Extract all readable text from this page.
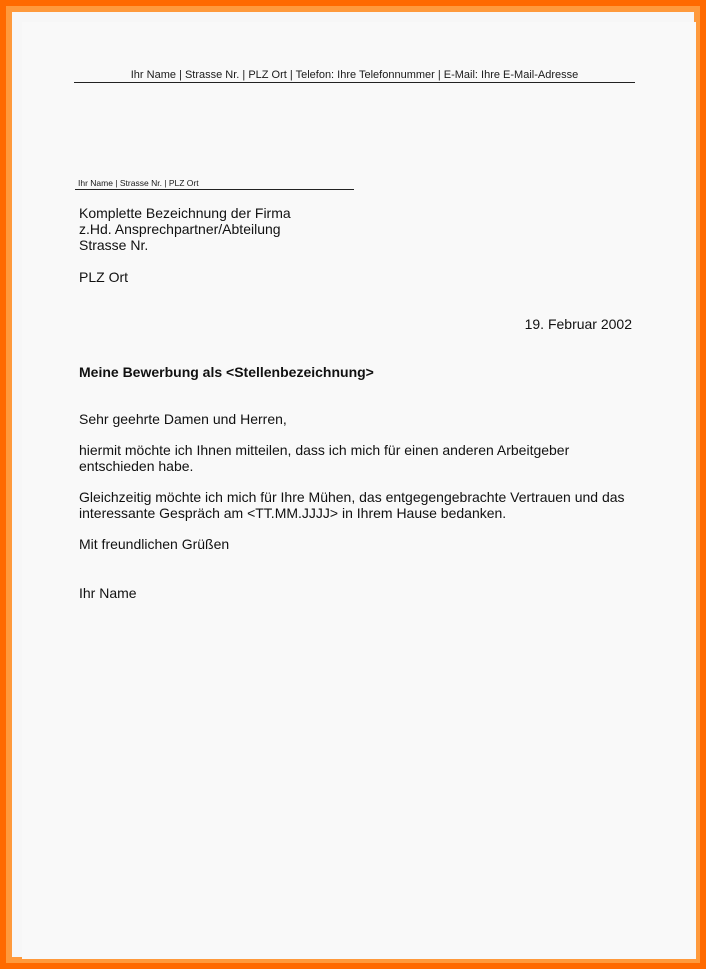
Ihr Name | Strasse Nr. | PLZ Ort | Telefon: Ihre Telefonnummer | E-Mail: Ihre E-Mail-Adresse
Ihr Name | Strasse Nr. | PLZ Ort
Komplette Bezeichnung der Firma
z.Hd. Ansprechpartner/Abteilung
Strasse Nr.
PLZ Ort
19. Februar 2002
Meine Bewerbung als <Stellenbezeichnung>

Sehr geehrte Damen und Herren,

hiermit möchte ich Ihnen mitteilen, dass ich mich für einen anderen Arbeitgeber entschieden habe.

Gleichzeitig möchte ich mich für Ihre Mühen, das entgegengebrachte Vertrauen und das interessante Gespräch am <TT.MM.JJJJ> in Ihrem Hause bedanken.

Mit freundlichen Grüßen

Ihr Name
